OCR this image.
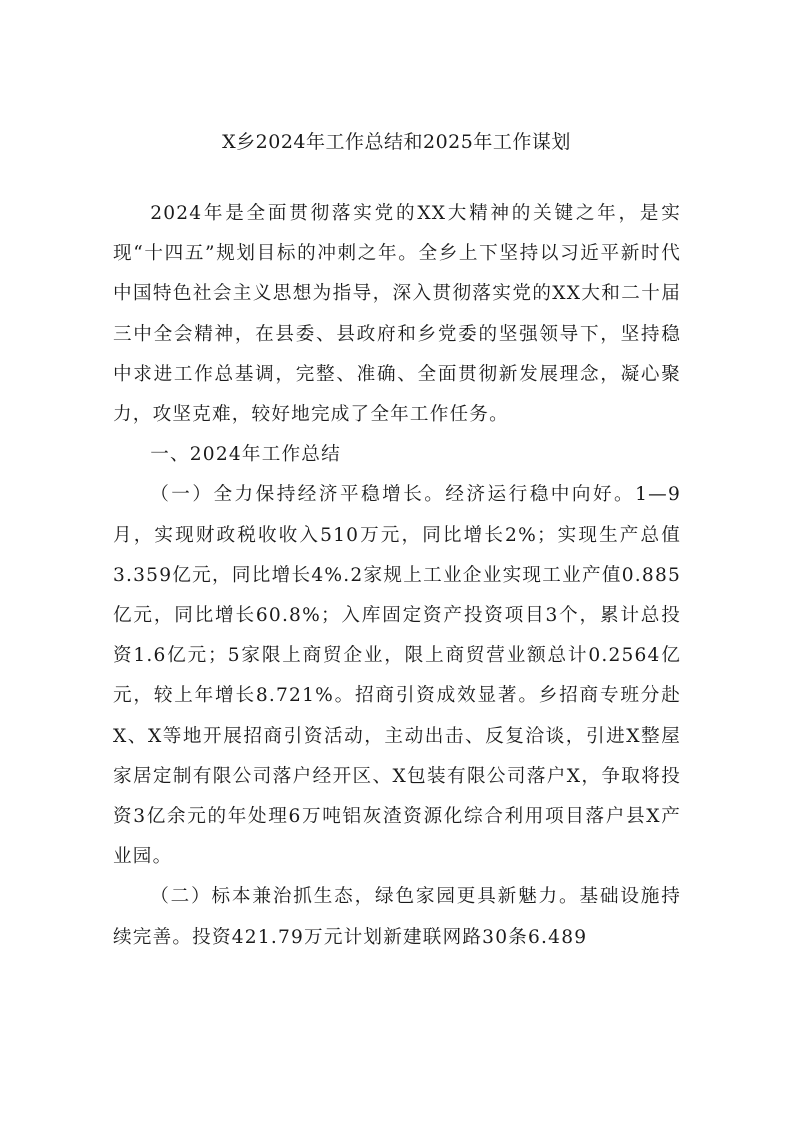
X乡2024年工作总结和2025年工作谋划

2024年是全面贯彻落实党的XX大精神的关键之年，是实现“十四五”规划目标的冲刺之年。全乡上下坚持以习近平新时代中国特色社会主义思想为指导，深入贯彻落实党的XX大和二十届三中全会精神，在县委、县政府和乡党委的坚强领导下，坚持稳中求进工作总基调，完整、准确、全面贯彻新发展理念，凝心聚力，攻坚克难，较好地完成了全年工作任务。

一、2024年工作总结

（一）全力保持经济平稳增长。经济运行稳中向好。1—9月，实现财政税收收入510万元，同比增长2%；实现生产总值3.359亿元，同比增长4%.2家规上工业企业实现工业产值0.885亿元，同比增长60.8%；入库固定资产投资项目3个，累计总投资1.6亿元；5家限上商贸企业，限上商贸营业额总计0.2564亿元，较上年增长8.721%。招商引资成效显著。乡招商专班分赴X、X等地开展招商引资活动，主动出击、反复洽谈，引进X整屋家居定制有限公司落户经开区、X包装有限公司落户X，争取将投资3亿余元的年处理6万吨铝灰渣资源化综合利用项目落户县X产业园。

（二）标本兼治抓生态，绿色家园更具新魅力。基础设施持续完善。投资421.79万元计划新建联网路30条6.489
